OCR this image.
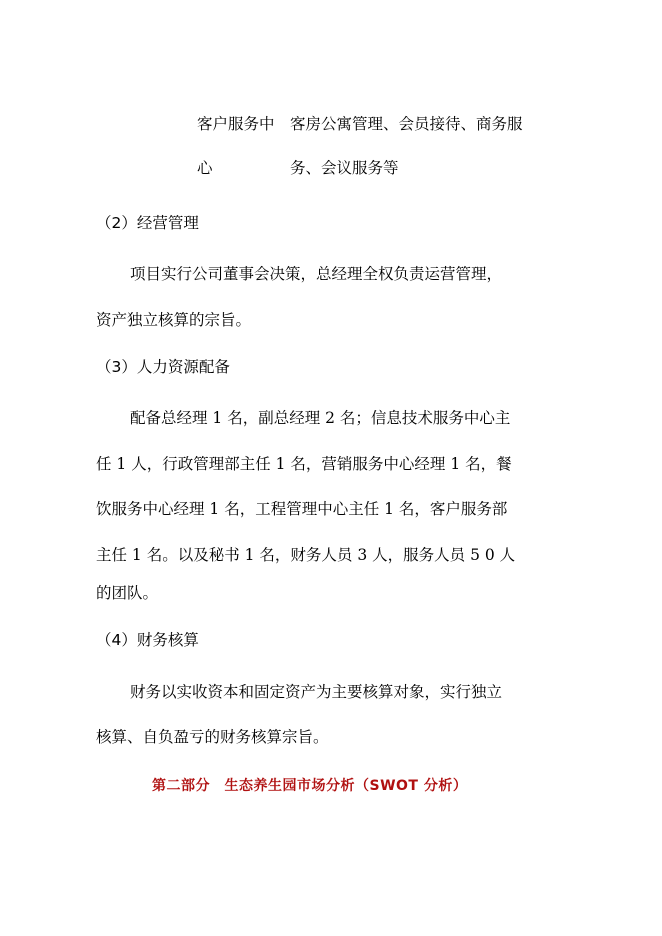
客户服务中
心
客房公寓管理、会员接待、商务服
务、会议服务等
（2）经营管理
项目实行公司董事会决策，总经理全权负责运营管理，
资产独立核算的宗旨。
（3）人力资源配备
配备总经理 1 名，副总经理 2 名；信息技术服务中心主
任 1 人，行政管理部主任 1 名，营销服务中心经理 1 名，餐
饮服务中心经理 1 名，工程管理中心主任 1 名，客户服务部
主任 1 名。以及秘书 1 名，财务人员 3 人，服务人员 5 0 人
的团队。
（4）财务核算
财务以实收资本和固定资产为主要核算对象，实行独立
核算、自负盈亏的财务核算宗旨。
第二部分　生态养生园市场分析（SWOT 分析）
